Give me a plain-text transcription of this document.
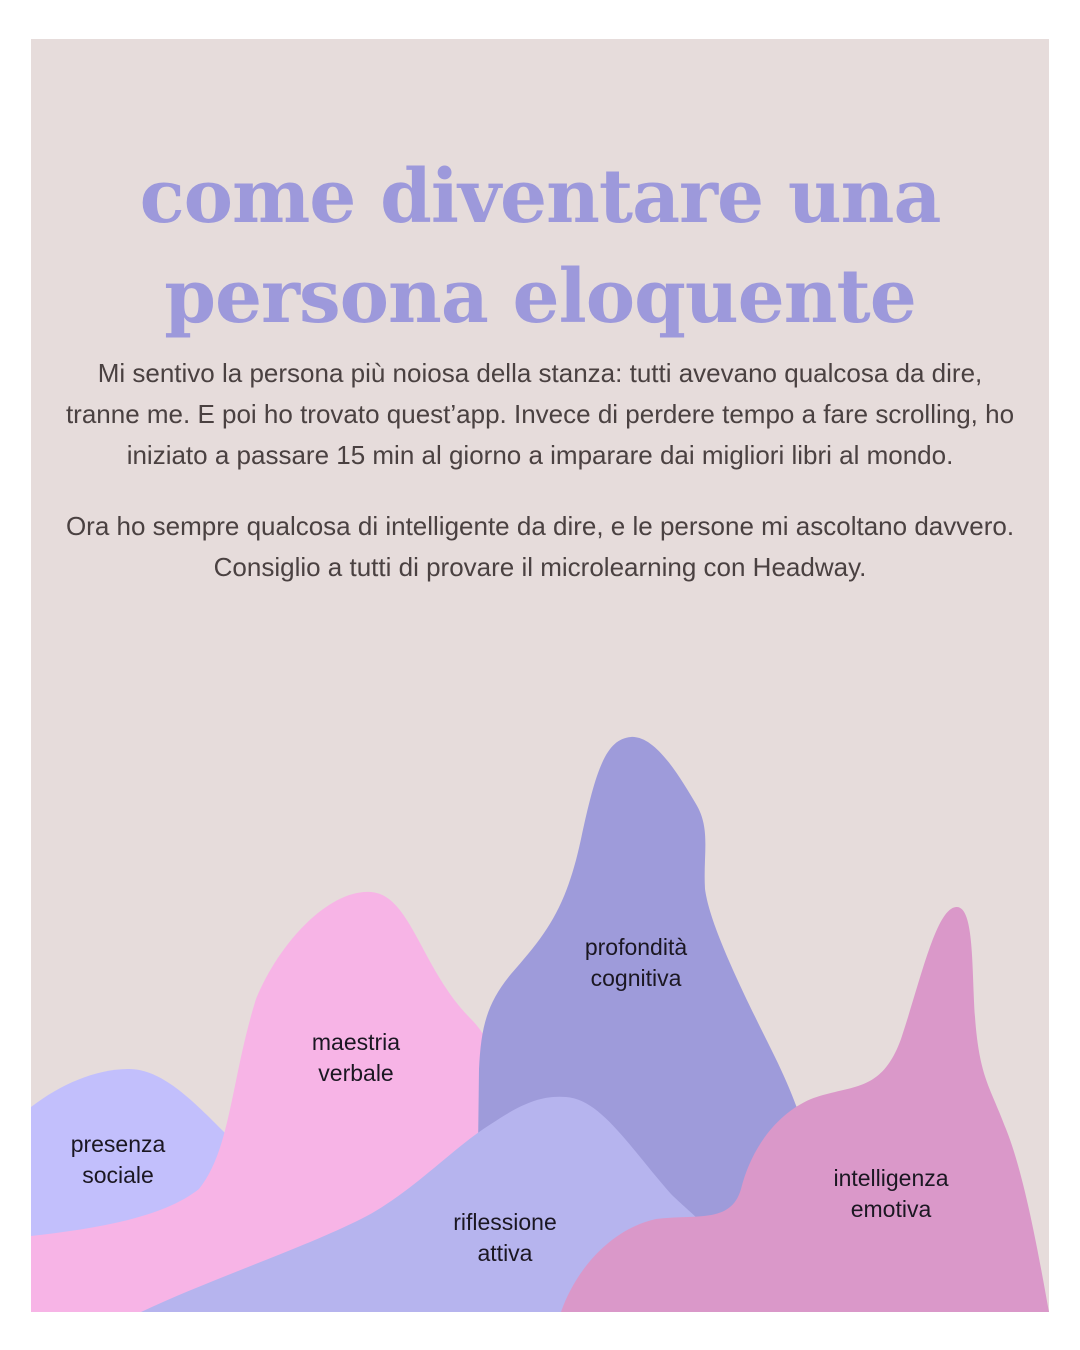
come diventare una
persona eloquente

Mi sentivo la persona più noiosa della stanza: tutti avevano qualcosa da dire, tranne me. E poi ho trovato quest’app. Invece di perdere tempo a fare scrolling, ho iniziato a passare 15 min al giorno a imparare dai migliori libri al mondo.

Ora ho sempre qualcosa di intelligente da dire, e le persone mi ascoltano davvero. Consiglio a tutti di provare il microlearning con Headway.

presenza
sociale
maestria
verbale
profondità
cognitiva
riflessione
attiva
intelligenza
emotiva
